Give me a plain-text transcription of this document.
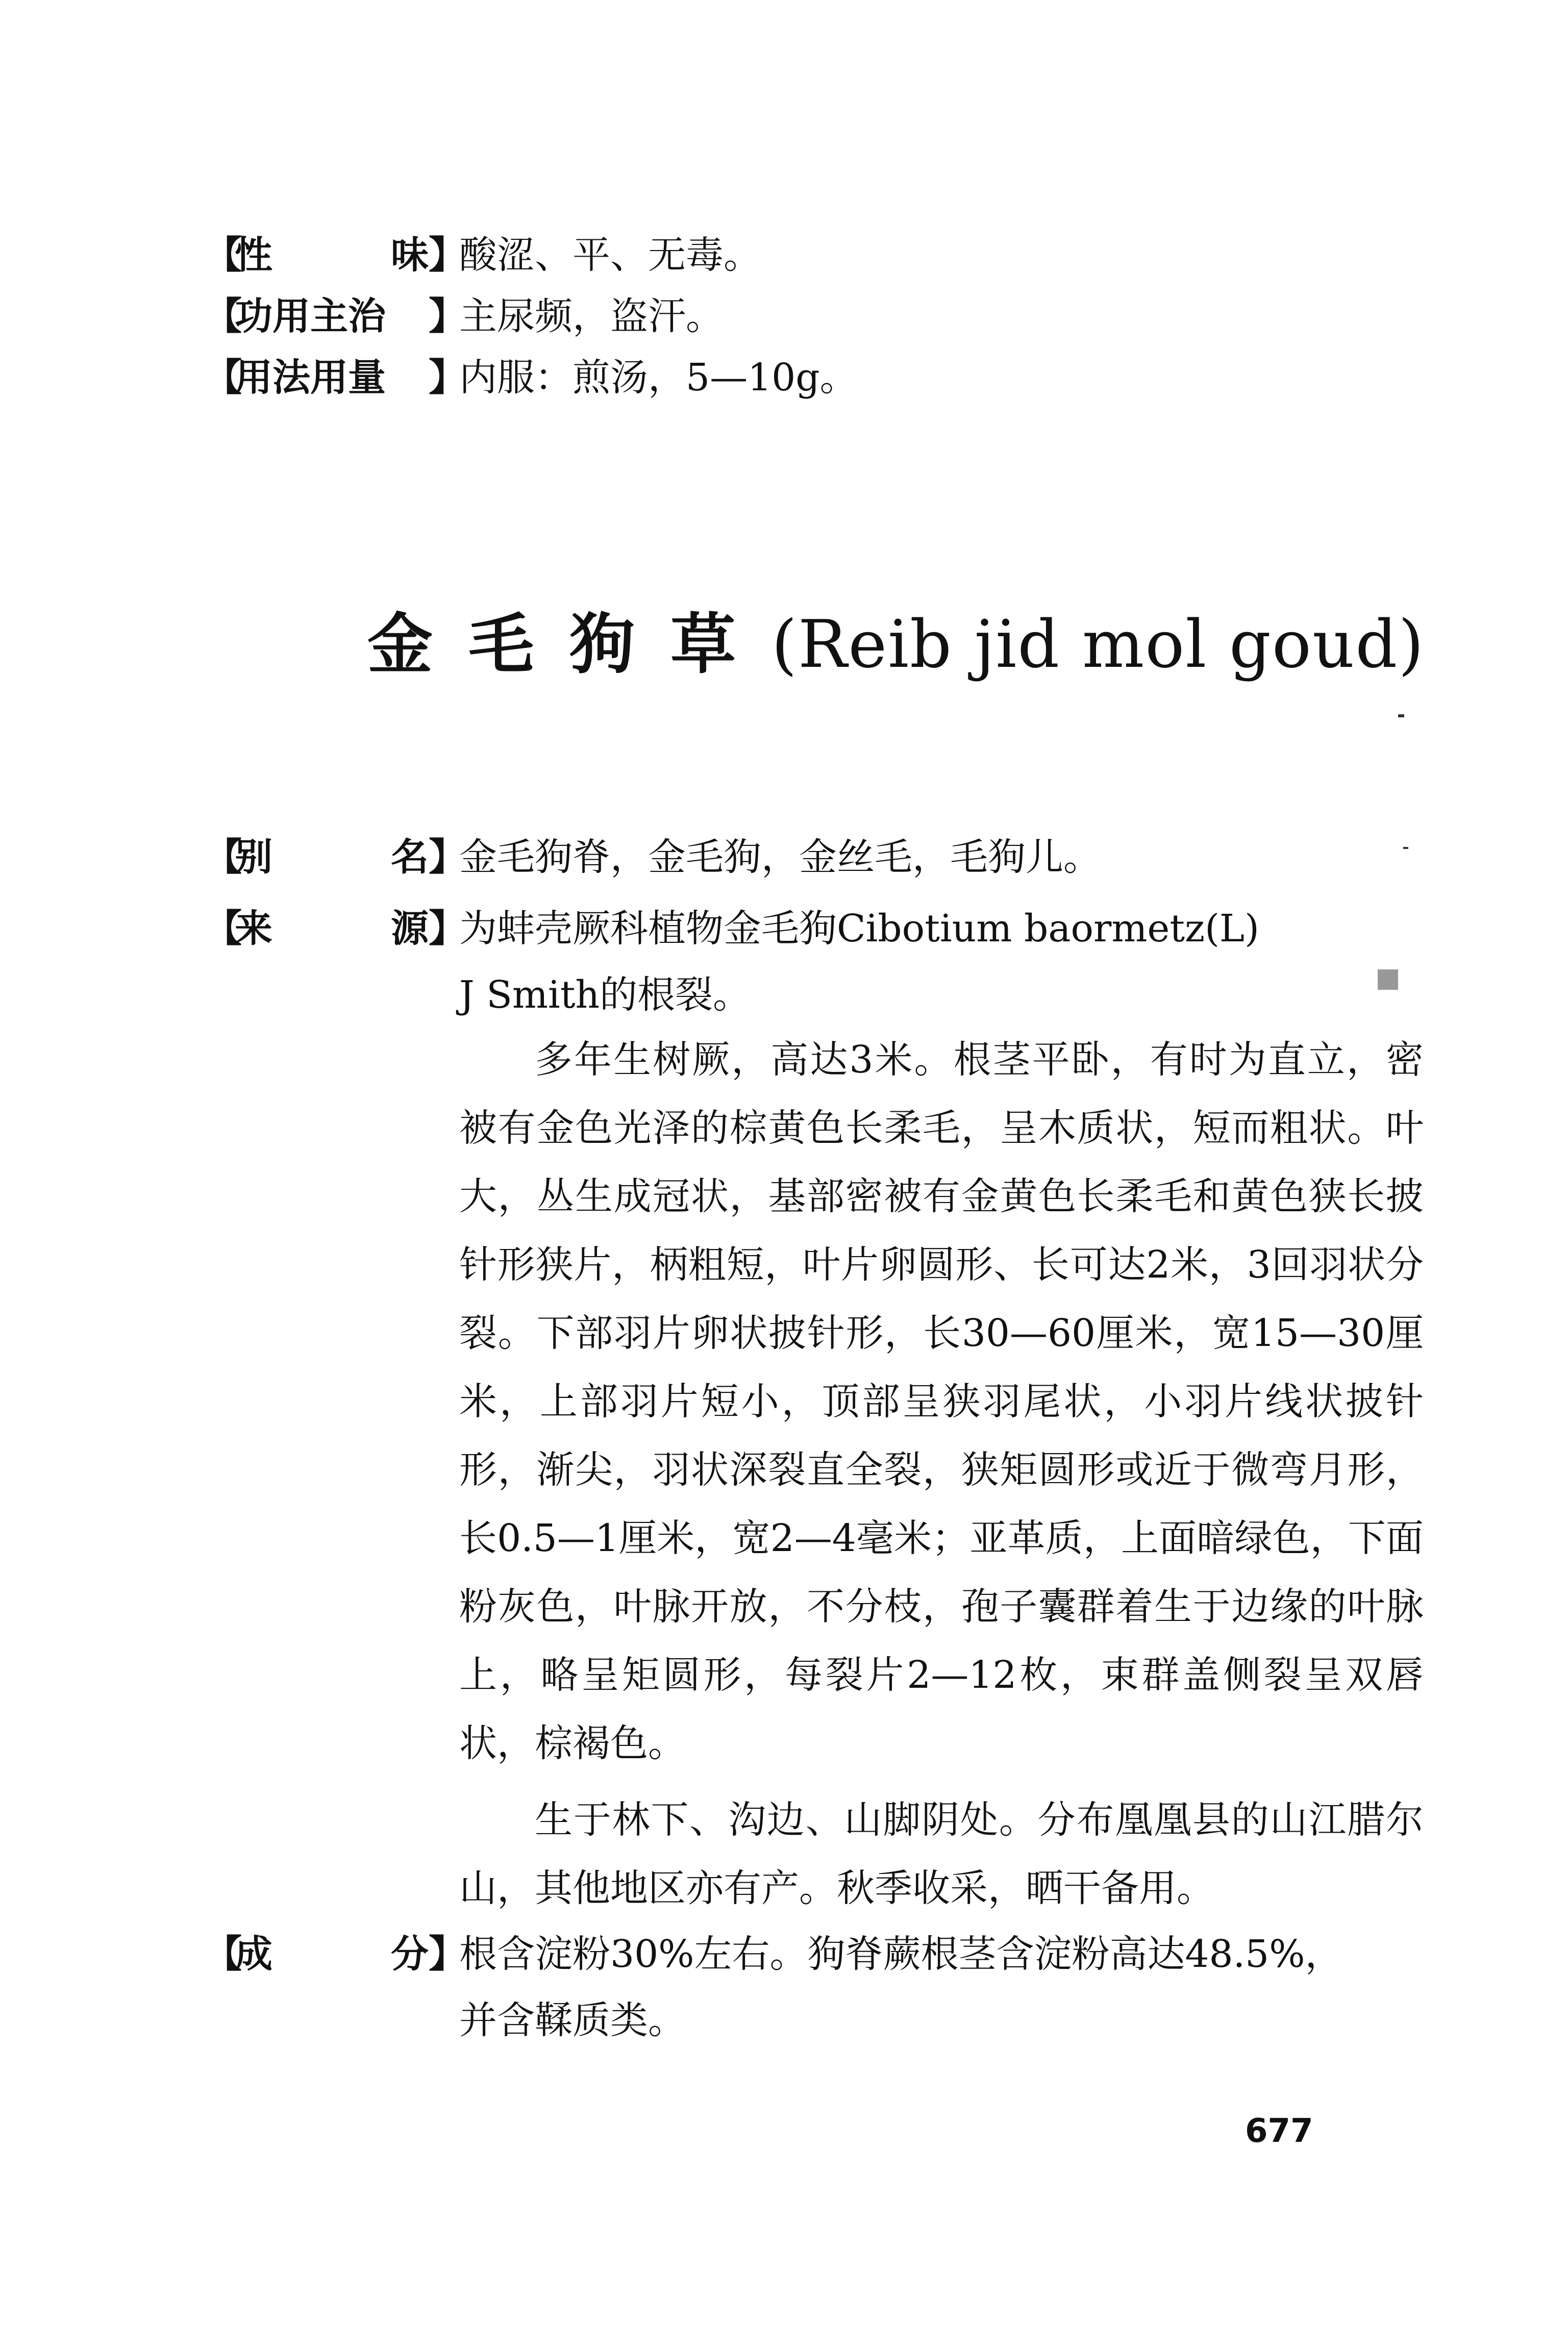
【性	味】酸涩、平、无毒。
【功用主治 】主尿频，盗汗。
【用法用量 】内服：煎汤，5—10g。
金毛狗草(Reib jid mol goud)
【别	名】金毛狗脊，金毛狗，金丝毛，毛狗儿。
【来	源】为蚌壳厥科植物金毛狗Cibotium baormetz(L)
J Smith的根裂。
多年生树厥，高达3米。根茎平卧，有时为直立，密被有金色光泽的棕黄色长柔毛，呈木质状，短而粗状。叶大，丛生成冠状，基部密被有金黄色长柔毛和黄色狭长披针形狭片，柄粗短，叶片卵圆形、长可达2米，3回羽状分裂。下部羽片卵状披针形，长30—60厘米，宽15—30厘米，上部羽片短小，顶部呈狭羽尾状，小羽片线状披针形，渐尖，羽状深裂直全裂，狭矩圆形或近于微弯月形，长0.5—1厘米，宽2—4毫米；亚革质，上面暗绿色，下面粉灰色，叶脉开放，不分枝，孢子囊群着生于边缘的叶脉上，略呈矩圆形，每裂片2—12枚，束群盖侧裂呈双唇状，棕褐色。
生于林下、沟边、山脚阴处。分布凰凰县的山江腊尔山，其他地区亦有产。秋季收采，晒干备用。
【成	分】根含淀粉30%左右。狗脊蕨根茎含淀粉高达48.5%，
并含鞣质类。
677
